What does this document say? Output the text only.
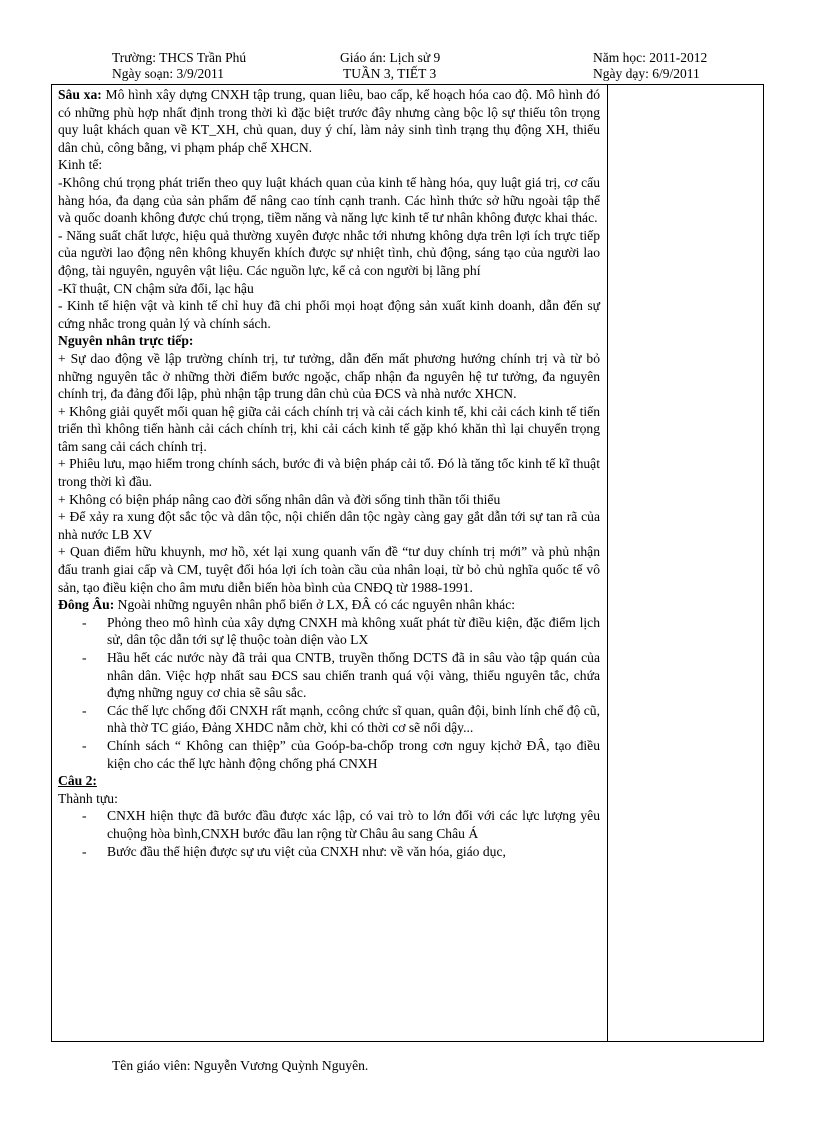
Trường: THCS Trần Phú	Giáo án: Lịch sử 9	Năm học: 2011-2012
Ngày soạn: 3/9/2011	TUẦN 3, TIẾT 3	Ngày dạy: 6/9/2011

Sâu xa: Mô hình xây dựng CNXH tập trung, quan liêu, bao cấp, kế hoạch hóa cao độ. Mô hình đó có những phù hợp nhất định trong thời kì đặc biệt trước đây nhưng càng bộc lộ sự thiếu tôn trọng quy luật khách quan về KT_XH, chủ quan, duy ý chí, làm nảy sinh tình trạng thụ động XH, thiếu dân chủ, công bằng, vi phạm pháp chế XHCN.

Kinh tế:

-Không chú trọng phát triển theo quy luật khách quan của kinh tế hàng hóa, quy luật giá trị, cơ cấu hàng hóa, đa dạng của sản phẩm để nâng cao tính cạnh tranh. Các hình thức sở hữu ngoài tập thể và quốc doanh không được chú trọng, tiềm năng và năng lực kinh tế tư nhân không được khai thác.

- Năng suất chất lược, hiệu quả thường xuyên được nhắc tới nhưng không dựa trên lợi ích trực tiếp của người lao động nên không khuyến khích được sự nhiệt tình, chủ động, sáng tạo của người lao động, tài nguyên, nguyên vật liệu. Các nguồn lực, kể cả con người bị lãng phí

-Kĩ thuật, CN chậm sửa đổi, lạc hậu

- Kinh tế hiện vật và kinh tế chỉ huy đã chi phối mọi hoạt động sản xuất kinh doanh, dẫn đến sự cứng nhắc trong quản lý và chính sách.

Nguyên nhân trực tiếp:

+ Sự dao động về lập trường chính trị, tư tưởng, dẫn đến mất phương hướng chính trị và từ bỏ những nguyên tắc ở những thời điểm bước ngoặc, chấp nhận đa nguyên hệ tư tưởng, đa nguyên chính trị, đa đảng đối lập, phủ nhận tập trung dân chủ của ĐCS và nhà nước XHCN.

+ Không giải quyết mối quan hệ giữa cải cách chính trị và cải cách kinh tế, khi cải cách kinh tế tiến triển thì không tiến hành cải cách chính trị, khi cải cách kinh tế gặp khó khăn thì lại chuyển trọng tâm sang cải cách chính trị.

+ Phiêu lưu, mạo hiểm trong chính sách, bước đi và biện pháp cải tổ. Đó là tăng tốc kinh tế kĩ thuật trong thời kì đầu.

+ Không có biện pháp nâng cao đời sống nhân dân và đời sống tinh thần tối thiểu

+ Để xảy ra xung đột sắc tộc và dân tộc, nội chiến dân tộc ngày càng gay gắt dẫn tới sự tan rã của nhà nước LB XV

+ Quan điểm hữu khuynh, mơ hồ, xét lại xung quanh vấn đề “tư duy chính trị mới” và phủ nhận đấu tranh giai cấp và CM, tuyệt đối hóa lợi ích toàn cầu của nhân loại, từ bỏ chủ nghĩa quốc tế vô sản, tạo điều kiện cho âm mưu diễn biến hòa bình của CNĐQ từ 1988-1991.

Đông Âu: Ngoài những nguyên nhân phổ biến ở LX, ĐÂ có các nguyên nhân khác:

- Phỏng theo mô hình của xây dựng CNXH mà không xuất phát từ điều kiện, đặc điểm lịch sử, dân tộc dẫn tới sự lệ thuộc toàn diện vào LX
- Hầu hết các nước này đã trải qua CNTB, truyền thống DCTS đã in sâu vào tập quán của nhân dân. Việc hợp nhất sau ĐCS sau chiến tranh quá vội vàng, thiếu nguyên tắc, chứa đựng những nguy cơ chia sẽ sâu sắc.
- Các thế lực chống đối CNXH rất mạnh, ccông chức sĩ quan, quân đội, binh lính chế độ cũ, nhà thờ TC giáo, Đảng XHDC nằm chờ, khi có thời cơ sẽ nổi dậy...
- Chính sách “ Không can thiệp” của Goóp-ba-chốp trong cơn nguy kịchở ĐÂ, tạo điều kiện cho các thế lực hành động chống phá CNXH

Câu 2:

Thành tựu:

- CNXH hiện thực đã bước đầu được xác lập, có vai trò to lớn đối với các lực lượng yêu chuộng hòa bình,CNXH bước đầu lan rộng từ Châu âu sang Châu Á
- Bước đầu thể hiện được sự ưu việt của CNXH như: về văn hóa, giáo dục,
Tên giáo viên: Nguyễn Vương Quỳnh Nguyên.
